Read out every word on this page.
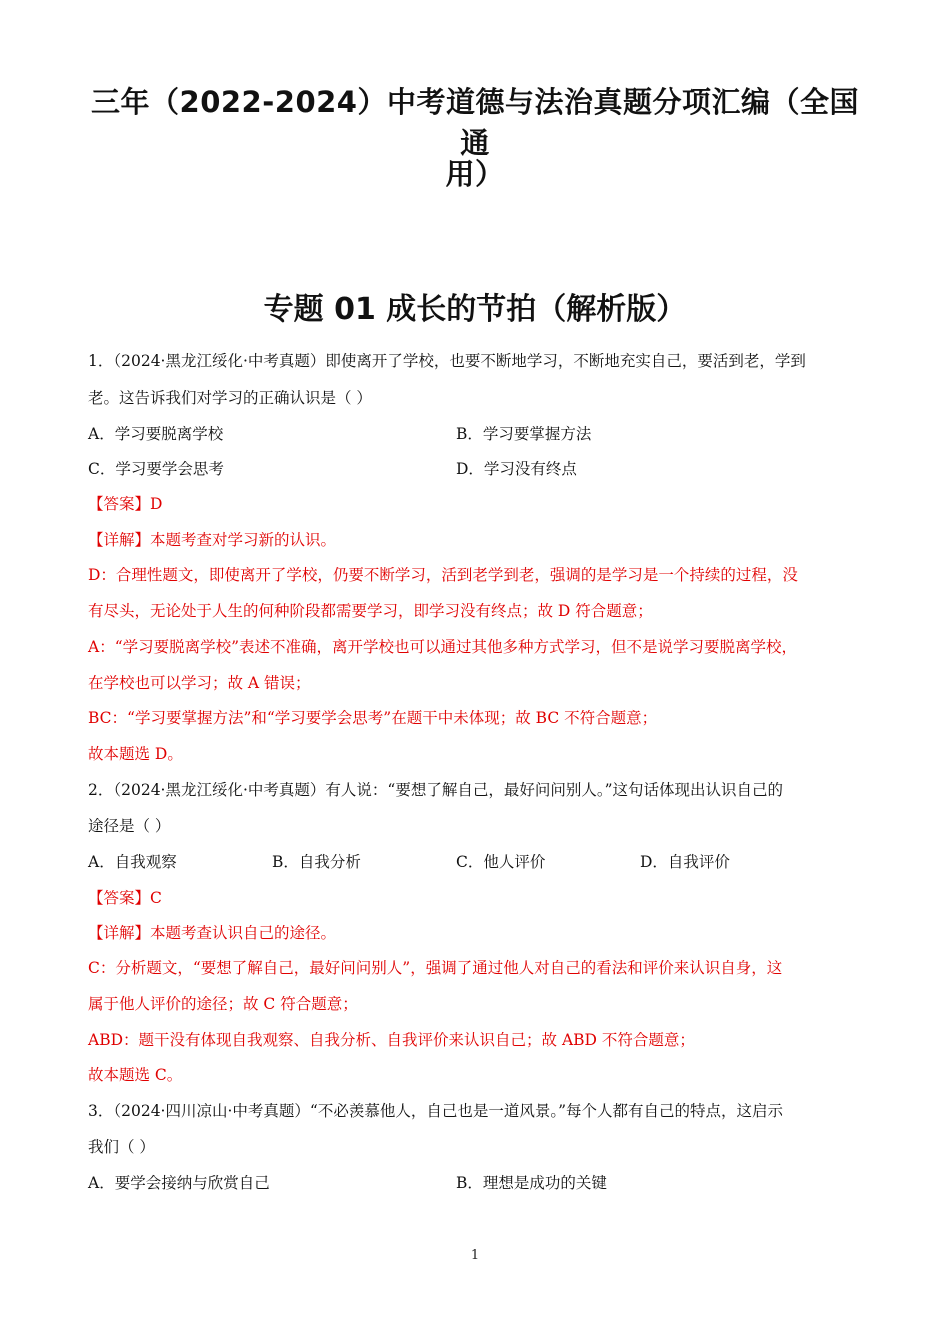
三年（2022-2024）中考道德与法治真题分项汇编（全国通
用）
专题 01 成长的节拍（解析版）
1．（2024·黑龙江绥化·中考真题）即使离开了学校，也要不断地学习，不断地充实自己，要活到老，学到
老。这告诉我们对学习的正确认识是（ ）
A．学习要脱离学校	B．学习要掌握方法
C．学习要学会思考	D．学习没有终点
【答案】D
【详解】本题考查对学习新的认识。
D：合理性题文，即使离开了学校，仍要不断学习，活到老学到老，强调的是学习是一个持续的过程，没
有尽头，无论处于人生的何种阶段都需要学习，即学习没有终点；故 D 符合题意；
A：“学习要脱离学校”表述不准确，离开学校也可以通过其他多种方式学习，但不是说学习要脱离学校，
在学校也可以学习；故 A 错误；
BC：“学习要掌握方法”和“学习要学会思考”在题干中未体现；故 BC 不符合题意；
故本题选 D。
2．（2024·黑龙江绥化·中考真题）有人说：“要想了解自己，最好问问别人。”这句话体现出认识自己的
途径是（ ）
A．自我观察	B．自我分析	C．他人评价	D．自我评价
【答案】C
【详解】本题考查认识自己的途径。
C：分析题文，“要想了解自己，最好问问别人”，强调了通过他人对自己的看法和评价来认识自身，这
属于他人评价的途径；故 C 符合题意；
ABD：题干没有体现自我观察、自我分析、自我评价来认识自己；故 ABD 不符合题意；
故本题选 C。
3．（2024·四川凉山·中考真题）“不必羡慕他人，自己也是一道风景。”每个人都有自己的特点，这启示
我们（ ）
A．要学会接纳与欣赏自己	B．理想是成功的关键
1
